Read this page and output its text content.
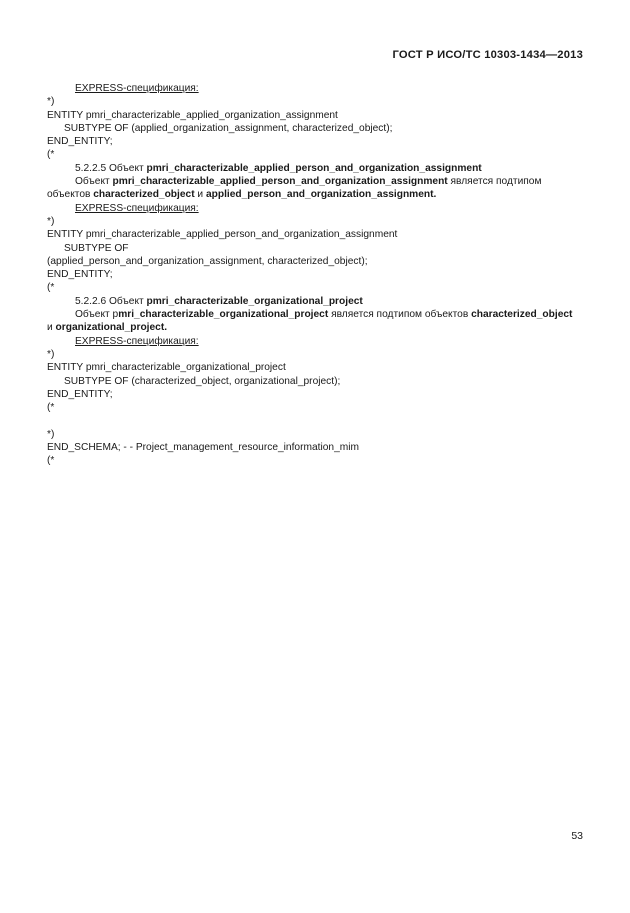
ГОСТ Р ИСО/ТС 10303-1434—2013
EXPRESS-спецификация:
*)
ENTITY pmri_characterizable_applied_organization_assignment
SUBTYPE OF (applied_organization_assignment, characterized_object);
END_ENTITY;
(*
5.2.2.5 Объект pmri_characterizable_applied_person_and_organization_assignment
Объект pmri_characterizable_applied_person_and_organization_assignment является подтипом
объектов characterized_object и applied_person_and_organization_assignment.
EXPRESS-спецификация:
*)
ENTITY pmri_characterizable_applied_person_and_organization_assignment
SUBTYPE OF
(applied_person_and_organization_assignment, characterized_object);
END_ENTITY;
(*
5.2.2.6 Объект pmri_characterizable_organizational_project
Объект рmri_characterizable_organizational_project является подтипом объектов characterized_object
и organizational_project.
EXPRESS-спецификация:
*)
ENTITY pmri_characterizable_organizational_project
SUBTYPE OF (characterized_object, organizational_project);
END_ENTITY;
(*
*)
END_SCHEMA; - - Project_management_resource_information_mim
(*
53
